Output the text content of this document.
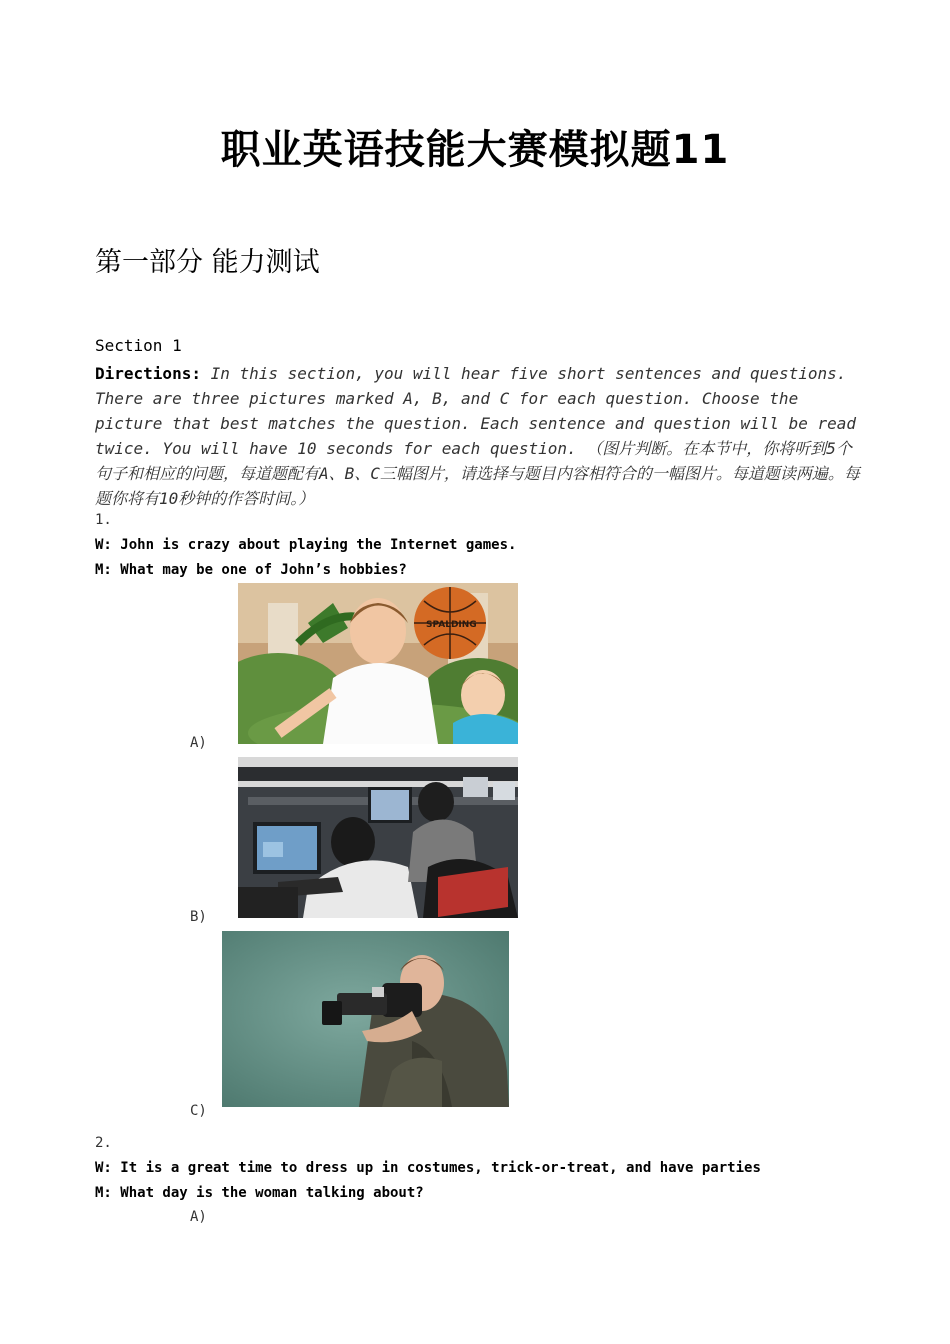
职业英语技能大赛模拟题11
第一部分 能力测试
Section 1
Directions: In this section, you will hear five short sentences and questions. There are three pictures marked A, B, and C for each question. Choose the picture that best matches the question. Each sentence and question will be read twice. You will have 10 seconds for each question. （图片判断。在本节中，你将听到5个句子和相应的问题，每道题配有A、B、C三幅图片，请选择与题目内容相符合的一幅图片。每道题读两遍。每题你将有10秒钟的作答时间。）
1.
W: John is crazy about playing the Internet games.
M: What may be one of John’s hobbies?
SPALDING
A)
B)
C)
2.
W: It is a great time to dress up in costumes, trick-or-treat, and have parties
M: What day is the woman talking about?
A)
